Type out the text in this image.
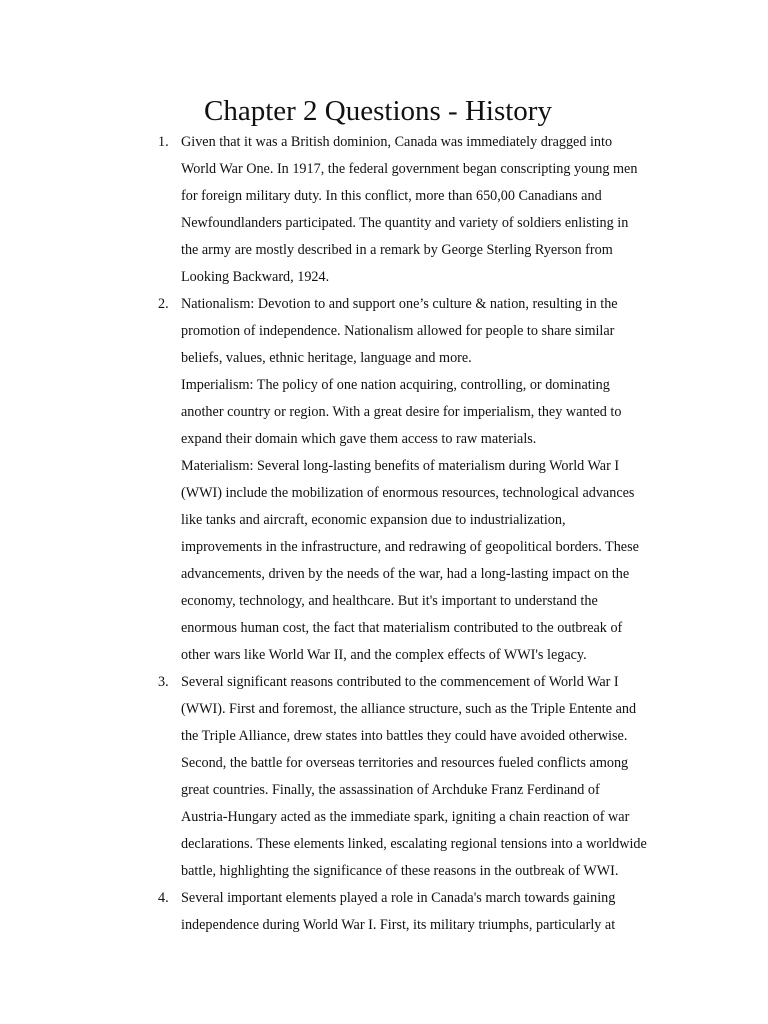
Chapter 2 Questions - History
1. Given that it was a British dominion, Canada was immediately dragged into
World War One. In 1917, the federal government began conscripting young men
for foreign military duty. In this conflict, more than 650,00 Canadians and
Newfoundlanders participated. The quantity and variety of soldiers enlisting in
the army are mostly described in a remark by George Sterling Ryerson from
Looking Backward, 1924.

2. Nationalism: Devotion to and support one’s culture & nation, resulting in the
promotion of independence. Nationalism allowed for people to share similar
beliefs, values, ethnic heritage, language and more.

Imperialism: The policy of one nation acquiring, controlling, or dominating
another country or region. With a great desire for imperialism, they wanted to
expand their domain which gave them access to raw materials.

Materialism: Several long-lasting benefits of materialism during World War I
(WWI) include the mobilization of enormous resources, technological advances
like tanks and aircraft, economic expansion due to industrialization,
improvements in the infrastructure, and redrawing of geopolitical borders. These
advancements, driven by the needs of the war, had a long-lasting impact on the
economy, technology, and healthcare. But it's important to understand the
enormous human cost, the fact that materialism contributed to the outbreak of
other wars like World War II, and the complex effects of WWI's legacy.

3. Several significant reasons contributed to the commencement of World War I
(WWI). First and foremost, the alliance structure, such as the Triple Entente and
the Triple Alliance, drew states into battles they could have avoided otherwise.
Second, the battle for overseas territories and resources fueled conflicts among
great countries. Finally, the assassination of Archduke Franz Ferdinand of
Austria-Hungary acted as the immediate spark, igniting a chain reaction of war
declarations. These elements linked, escalating regional tensions into a worldwide
battle, highlighting the significance of these reasons in the outbreak of WWI.

4. Several important elements played a role in Canada's march towards gaining
independence during World War I. First, its military triumphs, particularly at
